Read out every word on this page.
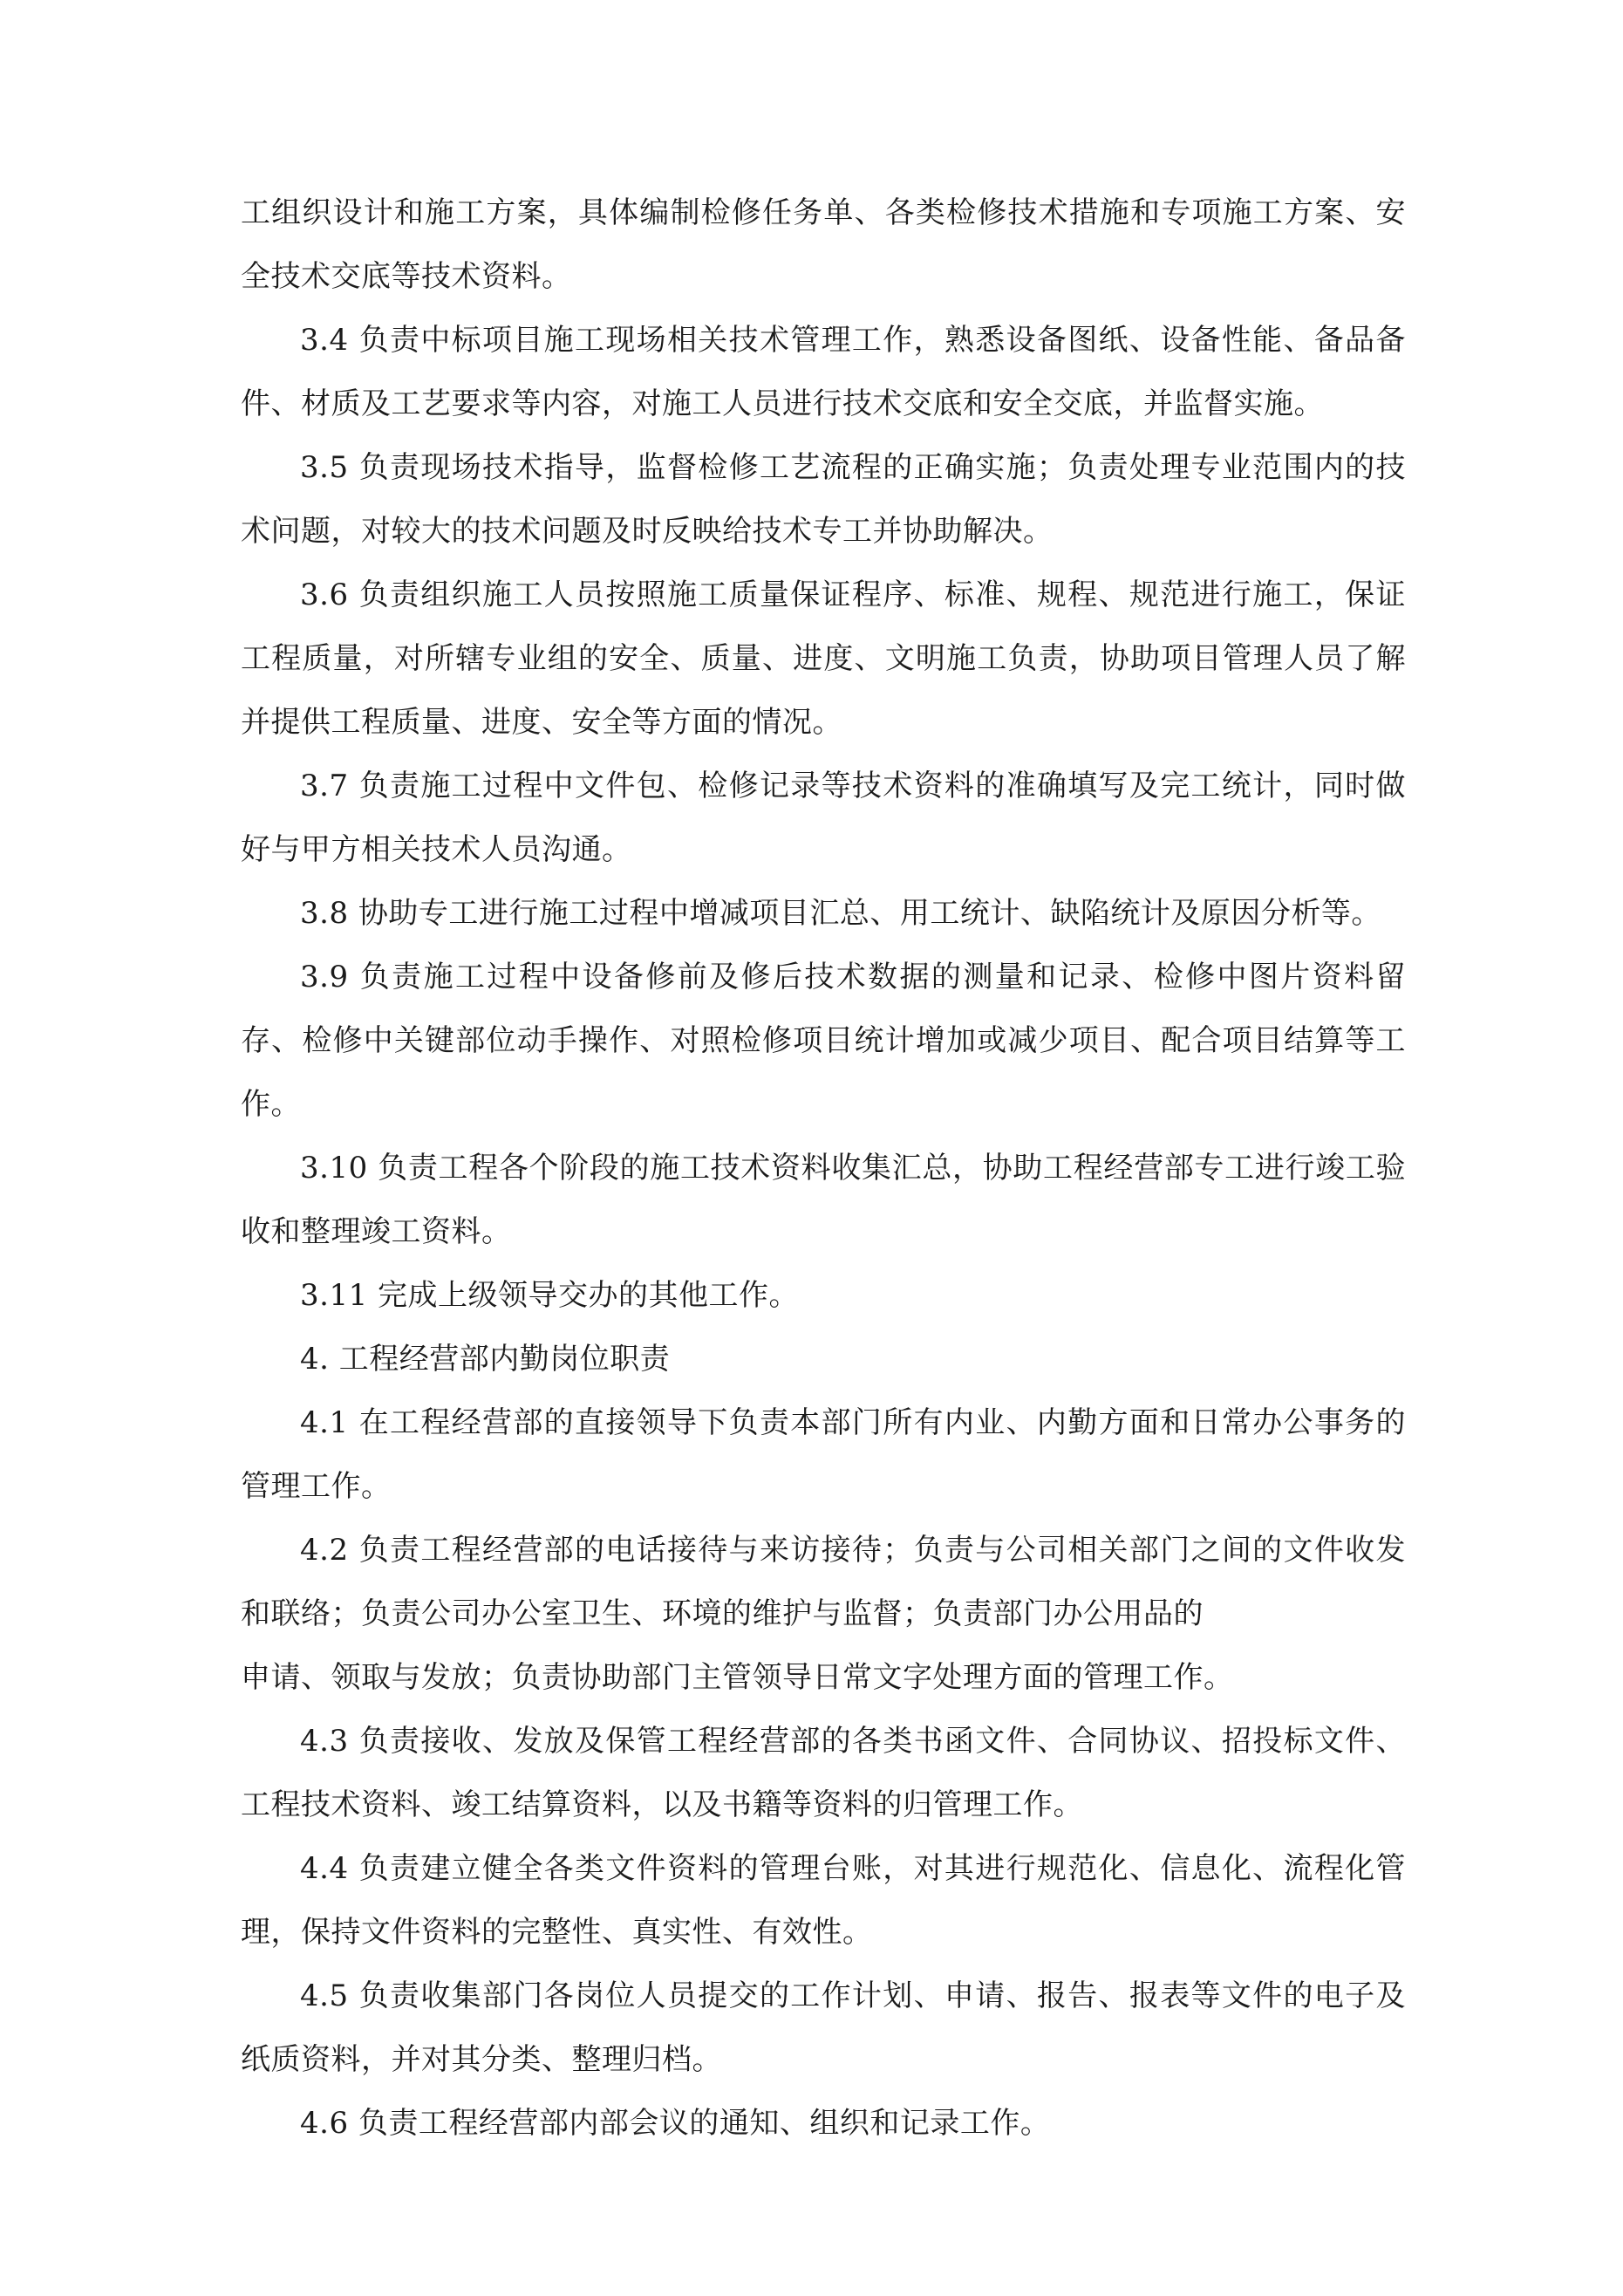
工组织设计和施工方案，具体编制检修任务单、各类检修技术措施和专项施工方案、安全技术交底等技术资料。

3.4 负责中标项目施工现场相关技术管理工作，熟悉设备图纸、设备性能、备品备件、材质及工艺要求等内容，对施工人员进行技术交底和安全交底，并监督实施。

3.5 负责现场技术指导，监督检修工艺流程的正确实施；负责处理专业范围内的技术问题，对较大的技术问题及时反映给技术专工并协助解决。

3.6 负责组织施工人员按照施工质量保证程序、标准、规程、规范进行施工，保证工程质量，对所辖专业组的安全、质量、进度、文明施工负责，协助项目管理人员了解并提供工程质量、进度、安全等方面的情况。

3.7 负责施工过程中文件包、检修记录等技术资料的准确填写及完工统计，同时做好与甲方相关技术人员沟通。

3.8 协助专工进行施工过程中增减项目汇总、用工统计、缺陷统计及原因分析等。

3.9 负责施工过程中设备修前及修后技术数据的测量和记录、检修中图片资料留存、检修中关键部位动手操作、对照检修项目统计增加或减少项目、配合项目结算等工作。

3.10 负责工程各个阶段的施工技术资料收集汇总，协助工程经营部专工进行竣工验收和整理竣工资料。

3.11 完成上级领导交办的其他工作。

4. 工程经营部内勤岗位职责

4.1 在工程经营部的直接领导下负责本部门所有内业、内勤方面和日常办公事务的管理工作。

4.2 负责工程经营部的电话接待与来访接待；负责与公司相关部门之间的文件收发和联络；负责公司办公室卫生、环境的维护与监督；负责部门办公用品的

申请、领取与发放；负责协助部门主管领导日常文字处理方面的管理工作。

4.3 负责接收、发放及保管工程经营部的各类书函文件、合同协议、招投标文件、工程技术资料、竣工结算资料，以及书籍等资料的归管理工作。

4.4 负责建立健全各类文件资料的管理台账，对其进行规范化、信息化、流程化管理，保持文件资料的完整性、真实性、有效性。

4.5 负责收集部门各岗位人员提交的工作计划、申请、报告、报表等文件的电子及纸质资料，并对其分类、整理归档。

4.6 负责工程经营部内部会议的通知、组织和记录工作。
